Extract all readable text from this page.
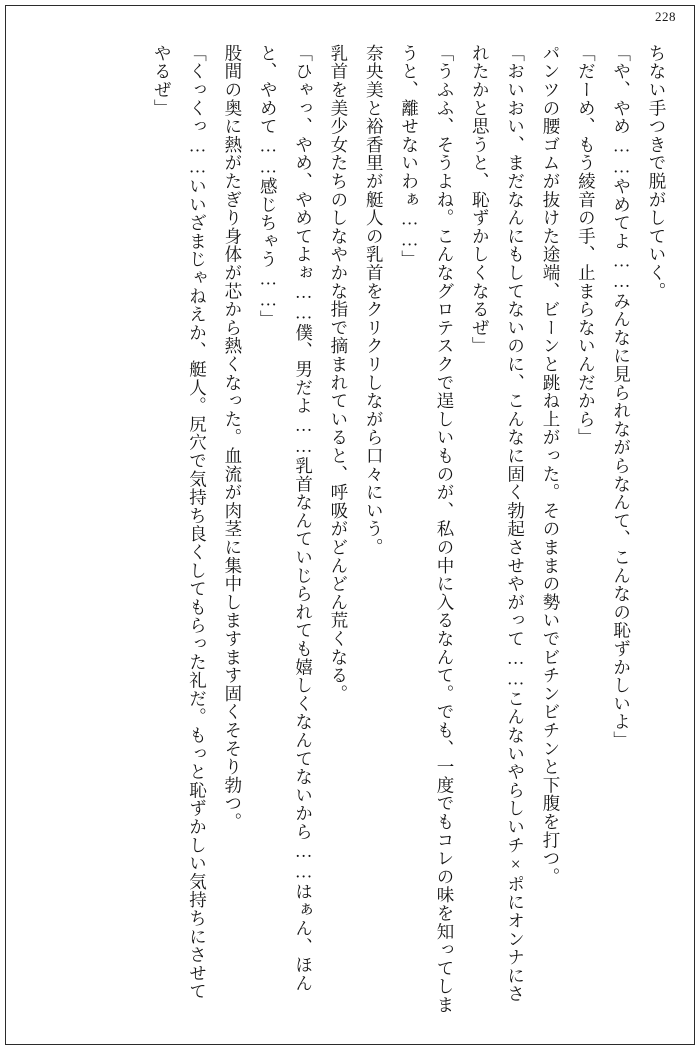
228

ちない手つきで脱がしていく。

「や、やめ……やめてよ……みんなに見られながらなんて、こんなの恥ずかしいよ」

「だーめ、もう綾音の手、止まらないんだから」

パンツの腰ゴムが抜けた途端、ビーンと跳ね上がった。そのままの勢いでビチンビチンと下腹を打つ。

「おいおい、まだなんにもしてないのに、こんなに固く勃起させやがって……こんないやらしいチ×ポにオンナにされたかと思うと、恥ずかしくなるぜ」

「うふふ、そうよね。こんなグロテスクで逞しいものが、私の中に入るなんて。でも、一度でもコレの味を知ってしまうと、離せないわぁ……」

奈央美と裕香里が艇人の乳首をクリクリしながら口々にいう。

乳首を美少女たちのしなやかな指で摘まれていると、呼吸がどんどん荒くなる。

「ひゃっ、やめ、やめてよぉ……僕、男だよ……乳首なんていじられても嬉しくなんてないから……はぁん、ほんと、やめて……感じちゃう……」

股間の奥に熱がたぎり身体が芯から熱くなった。血流が肉茎に集中しますます固くそそり勃つ。

「くっくっ……いいざまじゃねえか、艇人。尻穴で気持ち良くしてもらった礼だ。もっと恥ずかしい気持ちにさせてやるぜ」
